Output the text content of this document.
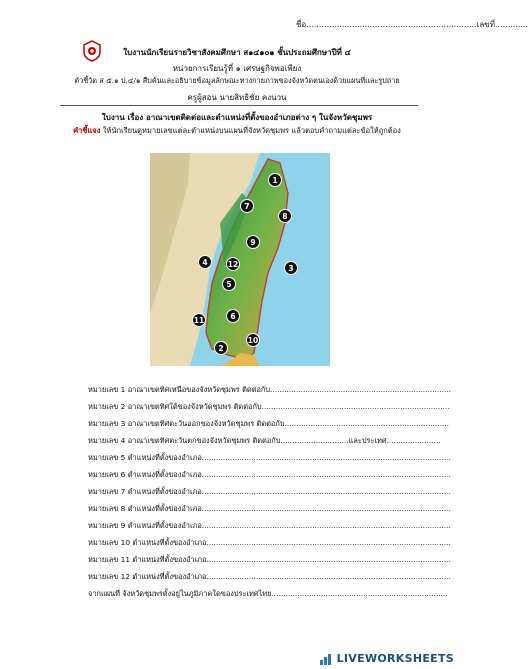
ชื่อ...................................................................เลขที่.............
ใบงานนักเรียนรายวิชาสังคมศึกษา ส๑๔๑๐๑ ชั้นประถมศึกษาปีที่ ๔
หน่วยการเรียนรู้ที่ ๑ เศรษฐกิจพอเพียง
ตัวชี้วัด ส ๕.๑ ป.๔/๑ สืบค้นและอธิบายข้อมูลลักษณะทางกายภาพของจังหวัดตนเองด้วยแผนที่และรูปถ่าย
ครูผู้สอน นายสิทธิชัย คงนวน
ใบงาน เรื่อง อาณาเขตติดต่อและตำแหน่งที่ตั้งของอำเภอต่าง ๆ ในจังหวัดชุมพร
คำชี้แจง ให้นักเรียนดูหมายเลขแต่ละตำแหน่งบนแผนที่จังหวัดชุมพร แล้วตอบคำถามแต่ละข้อให้ถูกต้อง
1
2
3
4
5
6
7
8
9
10
11
12
หมายเลข 1 อาณาเขตทิศเหนือของจังหวัดชุมพร ติดต่อกับ.............................................................................
หมายเลข 2 อาณาเขตทิศใต้ของจังหวัดชุมพร ติดต่อกับ................................................................................
หมายเลข 3 อาณาเขตทิศตะวันออกของจังหวัดชุมพร ติดต่อกับ......................................................................
หมายเลข 4 อาณาเขตทิศตะวันตกของจังหวัดชุมพร ติดต่อกับ.............................และประเทศ.......................
หมายเลข 5 ตำแหน่งที่ตั้งของอำเภอ..........................................................................................................
หมายเลข 6 ตำแหน่งที่ตั้งของอำเภอ..........................................................................................................
หมายเลข 7 ตำแหน่งที่ตั้งของอำเภอ..........................................................................................................
หมายเลข 8 ตำแหน่งที่ตั้งของอำเภอ..........................................................................................................
หมายเลข 9 ตำแหน่งที่ตั้งของอำเภอ..........................................................................................................
หมายเลข 10 ตำแหน่งที่ตั้งของอำเภอ........................................................................................................
หมายเลข 11 ตำแหน่งที่ตั้งของอำเภอ........................................................................................................
หมายเลข 12 ตำแหน่งที่ตั้งของอำเภอ........................................................................................................
จากแผนที่ จังหวัดชุมพรตั้งอยู่ในภูมิภาคใดของประเทศไทย...........................................................................
LIVEWORKSHEETS
